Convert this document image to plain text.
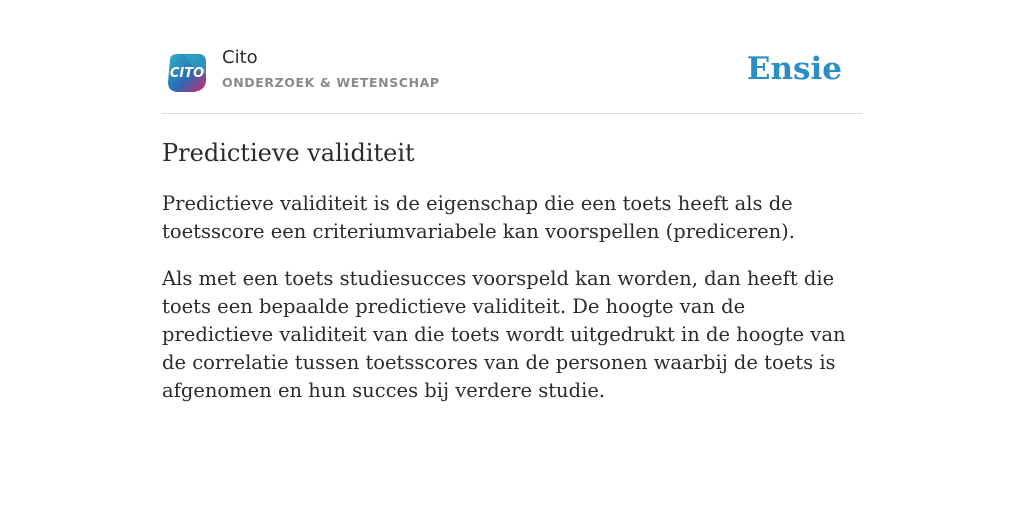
CITO
Cito
ONDERZOEK & WETENSCHAP	Ensie
Predictieve validiteit

Predictieve validiteit is de eigenschap die een toets heeft als de toetsscore een criteriumvariabele kan voorspellen (prediceren).

Als met een toets studiesucces voorspeld kan worden, dan heeft die toets een bepaalde predictieve validiteit. De hoogte van de predictieve validiteit van die toets wordt uitgedrukt in de hoogte van de correlatie tussen toetsscores van de personen waarbij de toets is afgenomen en hun succes bij verdere studie.
